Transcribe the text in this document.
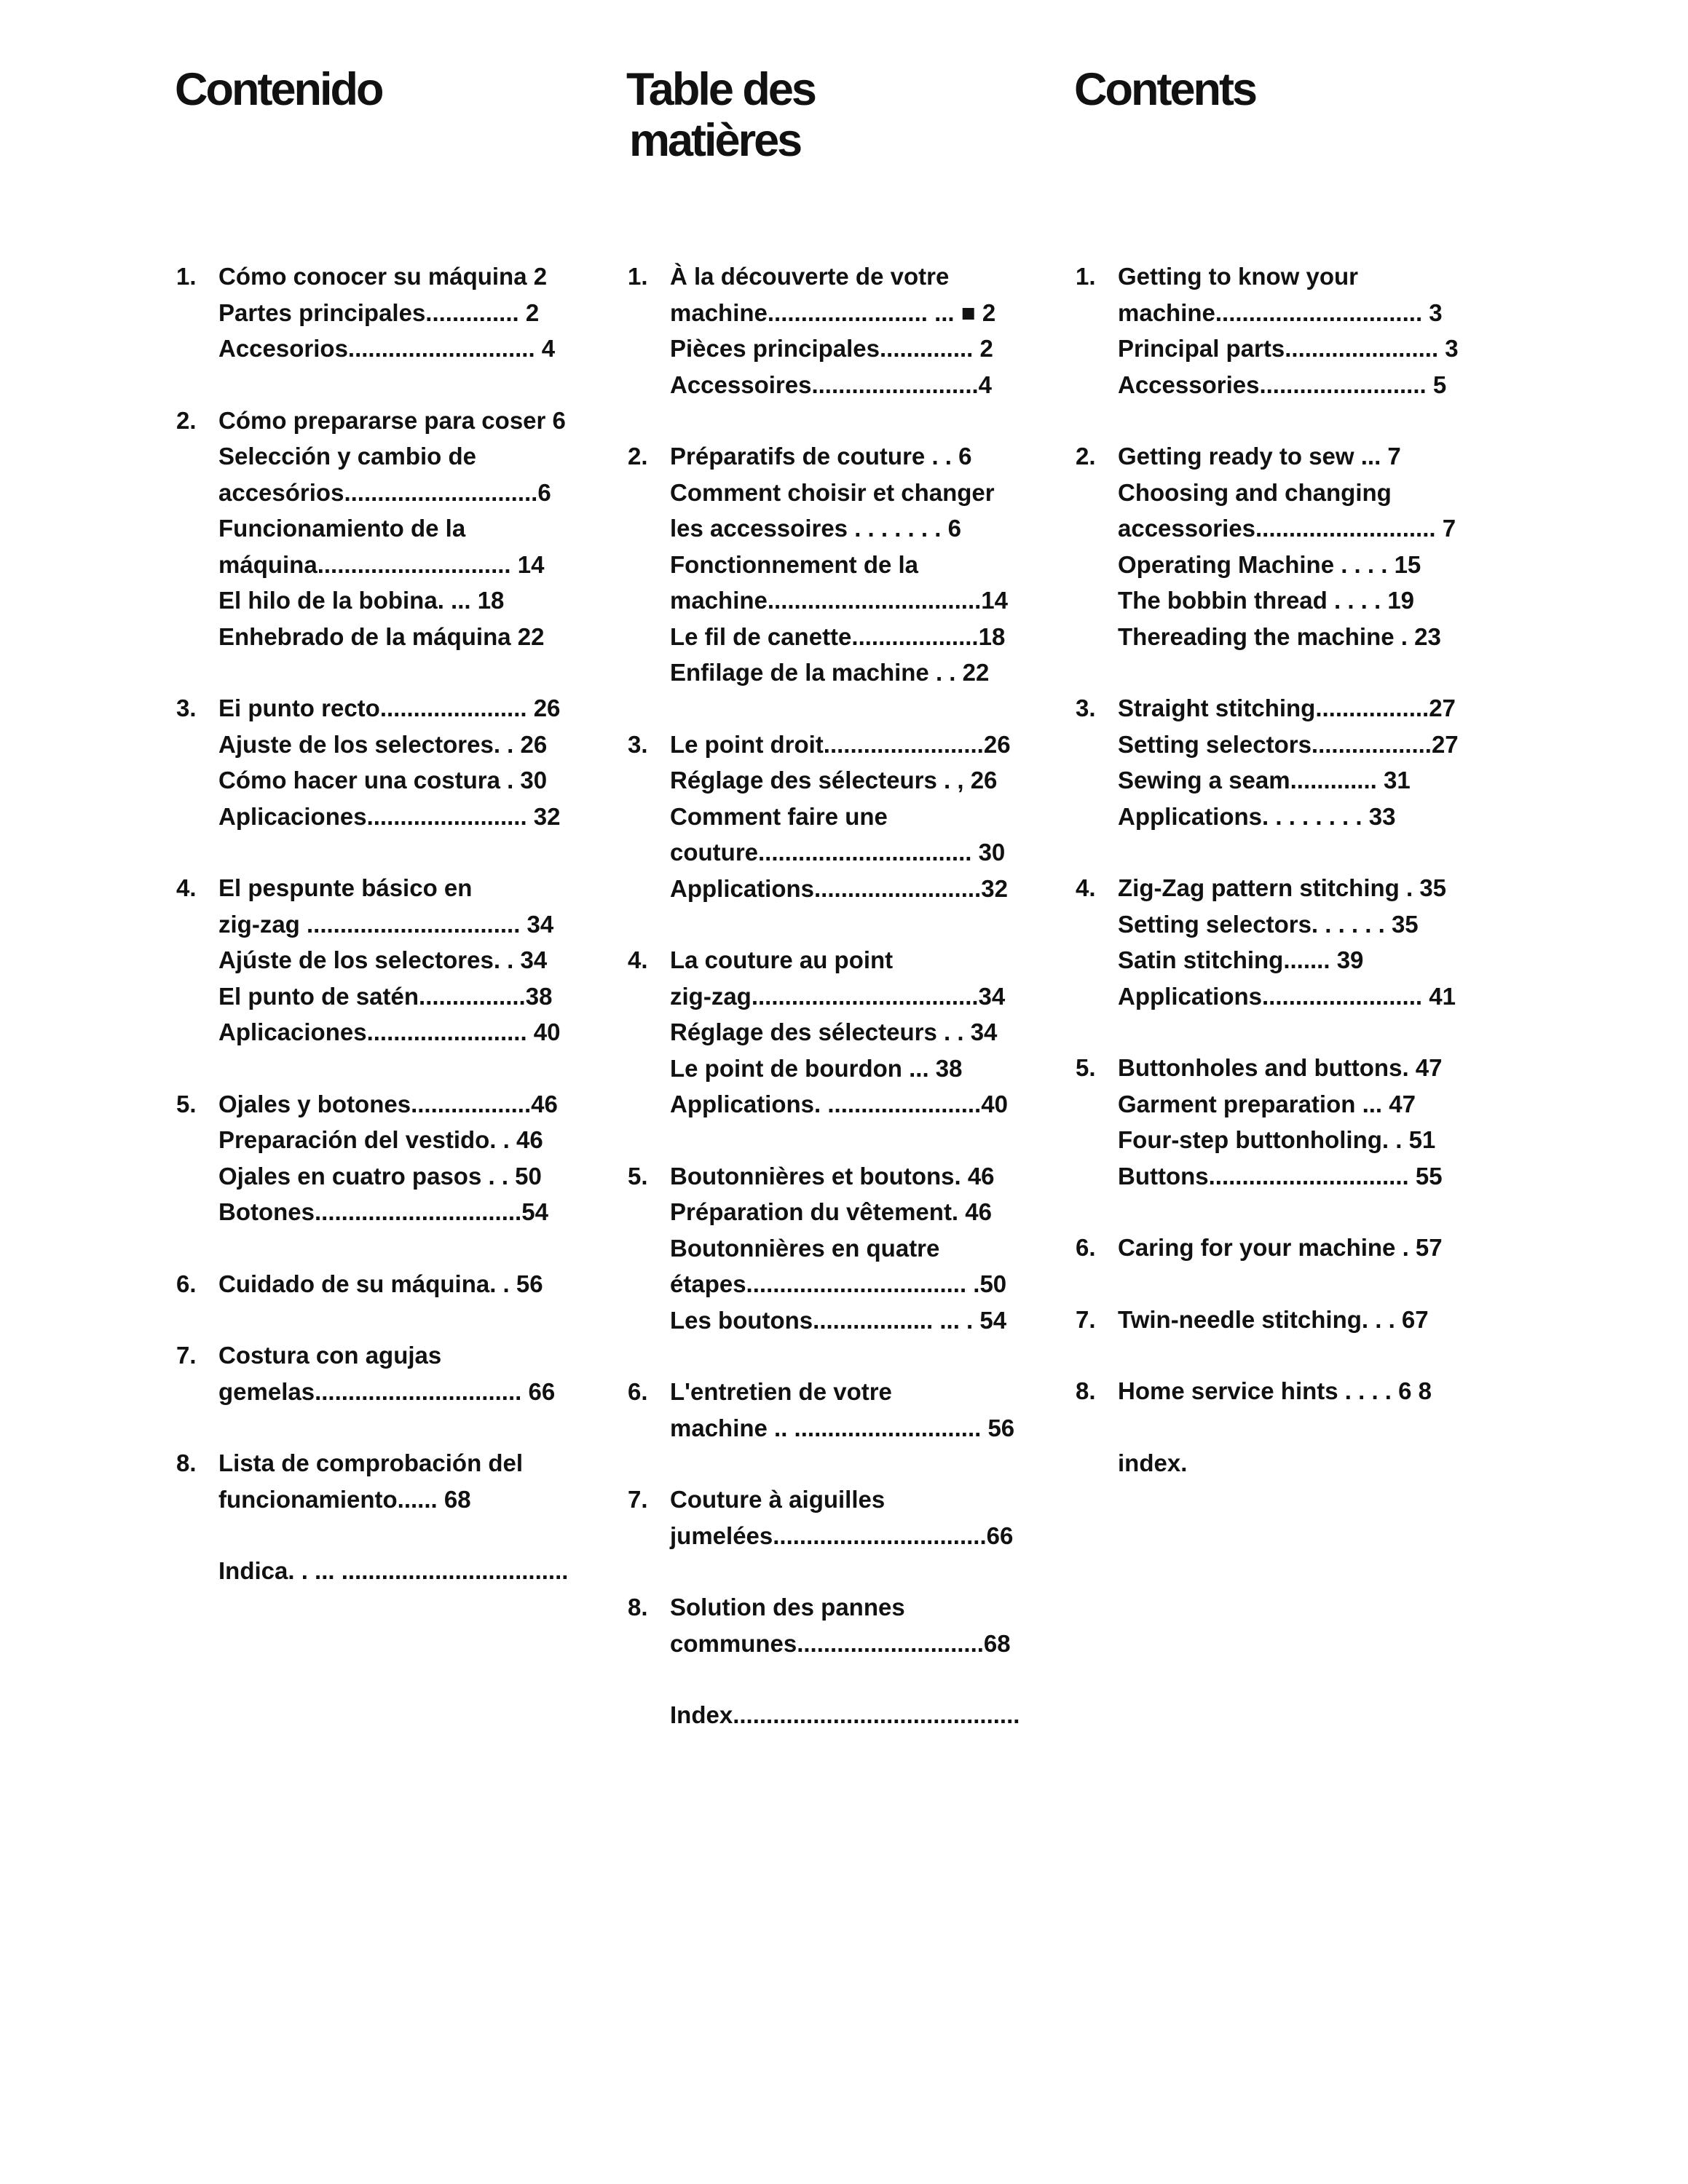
Contenido
1. Cómo conocer su máquina 2
Partes principales.............. 2
Accesorios............................ 4
2. Cómo prepararse para coser 6
Selección y cambio de
accesórios.............................6
Funcionamiento de la
máquina............................. 14
El hilo de la bobina. ... 18
Enhebrado de la máquina 22
3. Ei punto recto...................... 26
Ajuste de los selectores. . 26
Cómo hacer una costura . 30
Aplicaciones........................ 32
4. El pespunte básico en
zig-zag ................................ 34
Ajúste de los selectores. . 34
El punto de satén................38
Aplicaciones........................ 40
5. Ojales y botones..................46
Preparación del vestido. . 46
Ojales en cuatro pasos . . 50
Botones...............................54
6. Cuidado de su máquina. . 56
7. Costura con agujas
gemelas............................... 66
8. Lista de comprobación del
funcionamiento...... 68
Indica. . ... ..................................
Table des
matières
1. À la découverte de votre
machine........................ ... ■ 2
Pièces principales.............. 2
Accessoires.........................4
2. Préparatifs de couture . . 6
Comment choisir et changer
les accessoires . . . . . . . 6
Fonctionnement de la
machine................................14
Le fil de canette...................18
Enfilage de la machine . . 22
3. Le point droit........................26
Réglage des sélecteurs . , 26
Comment faire une
couture................................ 30
Applications.........................32
4. La couture au point
zig-zag..................................34
Réglage des sélecteurs . . 34
Le point de bourdon ... 38
Applications. .......................40
5. Boutonnières et boutons. 46
Préparation du vêtement. 46
Boutonnières en quatre
étapes................................. .50
Les boutons.................. ... . 54
6. L'entretien de votre
machine .. ............................ 56
7. Couture à aiguilles
jumelées................................66
8. Solution des pannes
communes............................68
Index...........................................
Contents
1. Getting to know your
machine............................... 3
Principal parts....................... 3
Accessories......................... 5
2. Getting ready to sew ... 7
Choosing and changing
accessories........................... 7
Operating Machine . . . . 15
The bobbin thread . . . . 19
Thereading the machine . 23
3. Straight stitching.................27
Setting selectors..................27
Sewing a seam............. 31
Applications. . . . . . . . 33
4. Zig-Zag pattern stitching . 35
Setting selectors. . . . . . 35
Satin stitching....... 39
Applications........................ 41
5. Buttonholes and buttons. 47
Garment preparation ... 47
Four-step buttonholing. . 51
Buttons.............................. 55
6. Caring for your machine . 57
7. Twin-needle stitching. . . 67
8. Home service hints . . . . 6 8
index.
